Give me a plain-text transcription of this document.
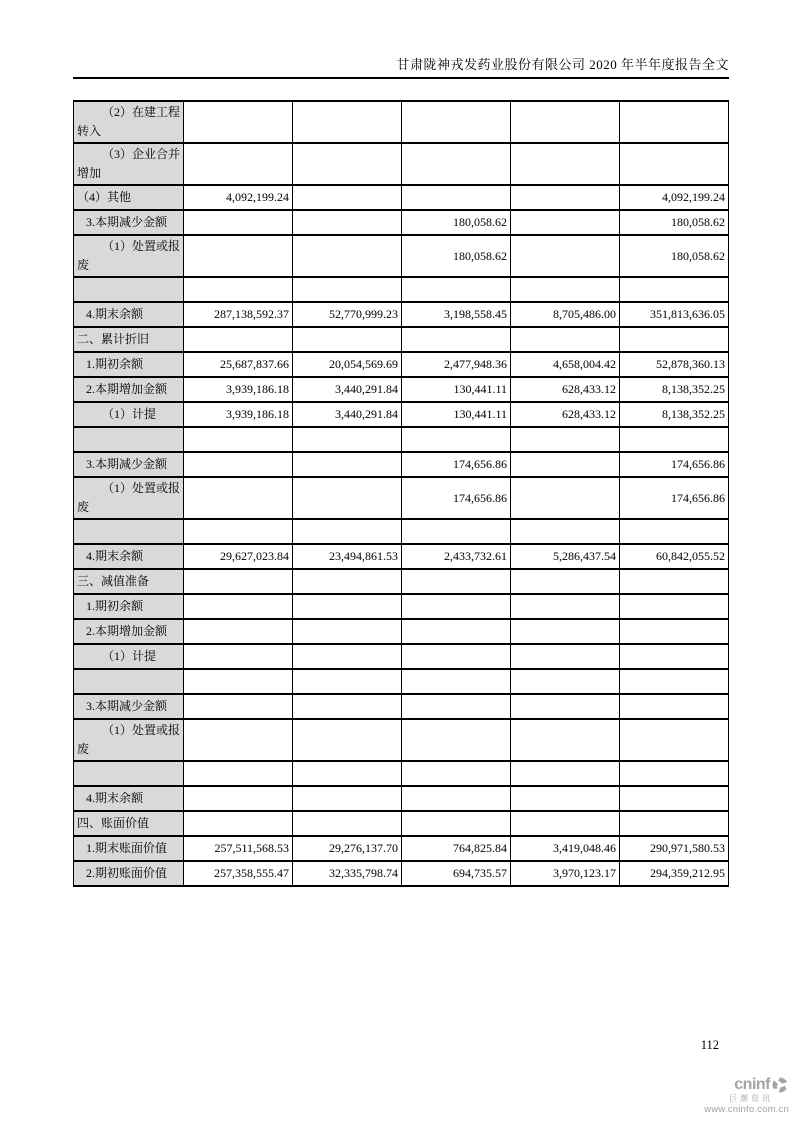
甘肃陇神戎发药业股份有限公司 2020 年半年度报告全文
（2）在建工程
转入					

（3）企业合并
增加					

（4）其他	4,092,199.24				4,092,199.24

3.本期减少金额			180,058.62		180,058.62

（1）处置或报
废			180,058.62		180,058.62

4.期末余额	287,138,592.37	52,770,999.23	3,198,558.45	8,705,486.00	351,813,636.05

二、累计折旧					

1.期初余额	25,687,837.66	20,054,569.69	2,477,948.36	4,658,004.42	52,878,360.13

2.本期增加金额	3,939,186.18	3,440,291.84	130,441.11	628,433.12	8,138,352.25

（1）计提	3,939,186.18	3,440,291.84	130,441.11	628,433.12	8,138,352.25

3.本期减少金额			174,656.86		174,656.86

（1）处置或报
废			174,656.86		174,656.86

4.期末余额	29,627,023.84	23,494,861.53	2,433,732.61	5,286,437.54	60,842,055.52

三、减值准备					

1.期初余额					

2.本期增加金额					

（1）计提					

3.本期减少金额					

（1）处置或报
废					

4.期末余额					

四、账面价值					

1.期末账面价值	257,511,568.53	29,276,137.70	764,825.84	3,419,048.46	290,971,580.53

2.期初账面价值	257,358,555.47	32,335,798.74	694,735.57	3,970,123.17	294,359,212.95
112
cninf
巨潮资讯
www.cninfo.com.cn
